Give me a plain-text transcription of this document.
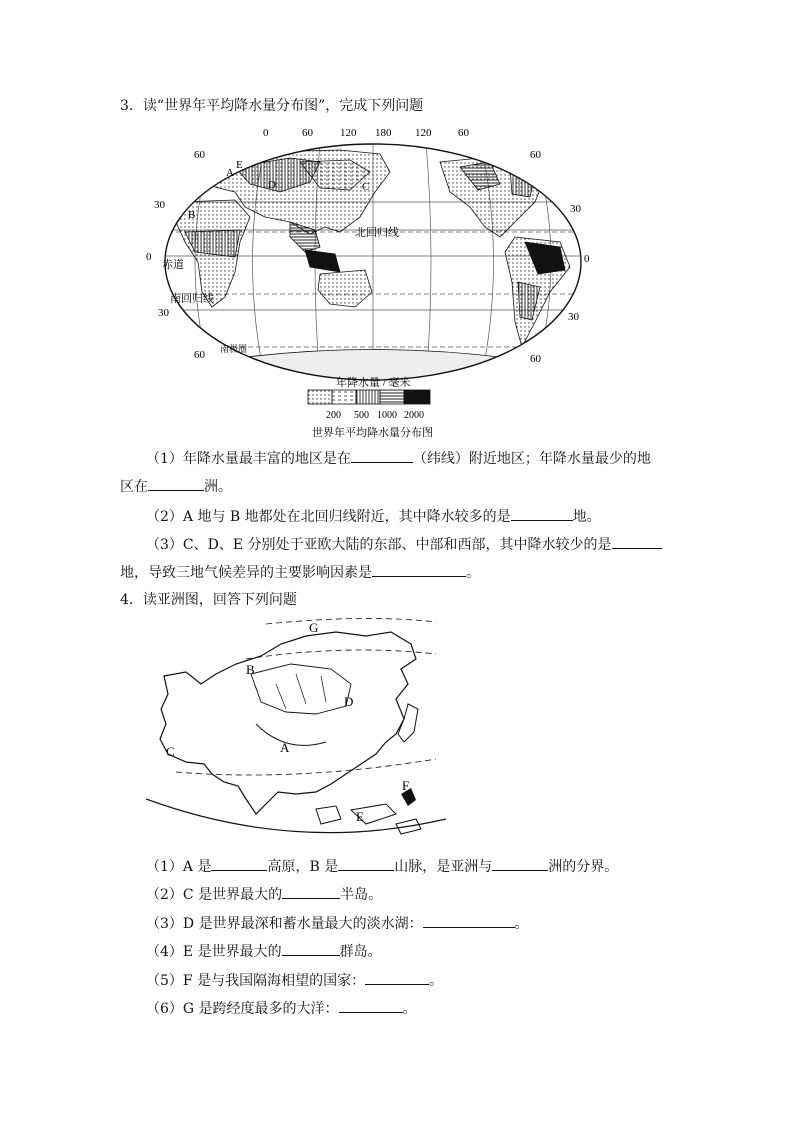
3．读“世界年平均降水量分布图”，完成下列问题
0	60 120 180 120 60
60
30
0
30
60
60
30
0
30
60
北回归线
赤道
南回归线
南极圈
A
B
C
D
E
年降水量 / 毫米
200 500 1000 2000
世界年平均降水量分布图
（1）年降水量最丰富的地区是在	（纬线）附近地区；年降水量最少的地
区在	洲。
（2）A 地与 B 地都处在北回归线附近，其中降水较多的是	地。
（3）C、D、E 分别处于亚欧大陆的东部、中部和西部，其中降水较少的是
地，导致三地气候差异的主要影响因素是	。
4．读亚洲图，回答下列问题
G
B
D
A
C
F
E
（1）A 是	高原，B 是	山脉，是亚洲与	洲的分界。
（2）C 是世界最大的	半岛。
（3）D 是世界最深和蓄水量最大的淡水湖：	。
（4）E 是世界最大的	群岛。
（5）F 是与我国隔海相望的国家：	。
（6）G 是跨经度最多的大洋：	。
